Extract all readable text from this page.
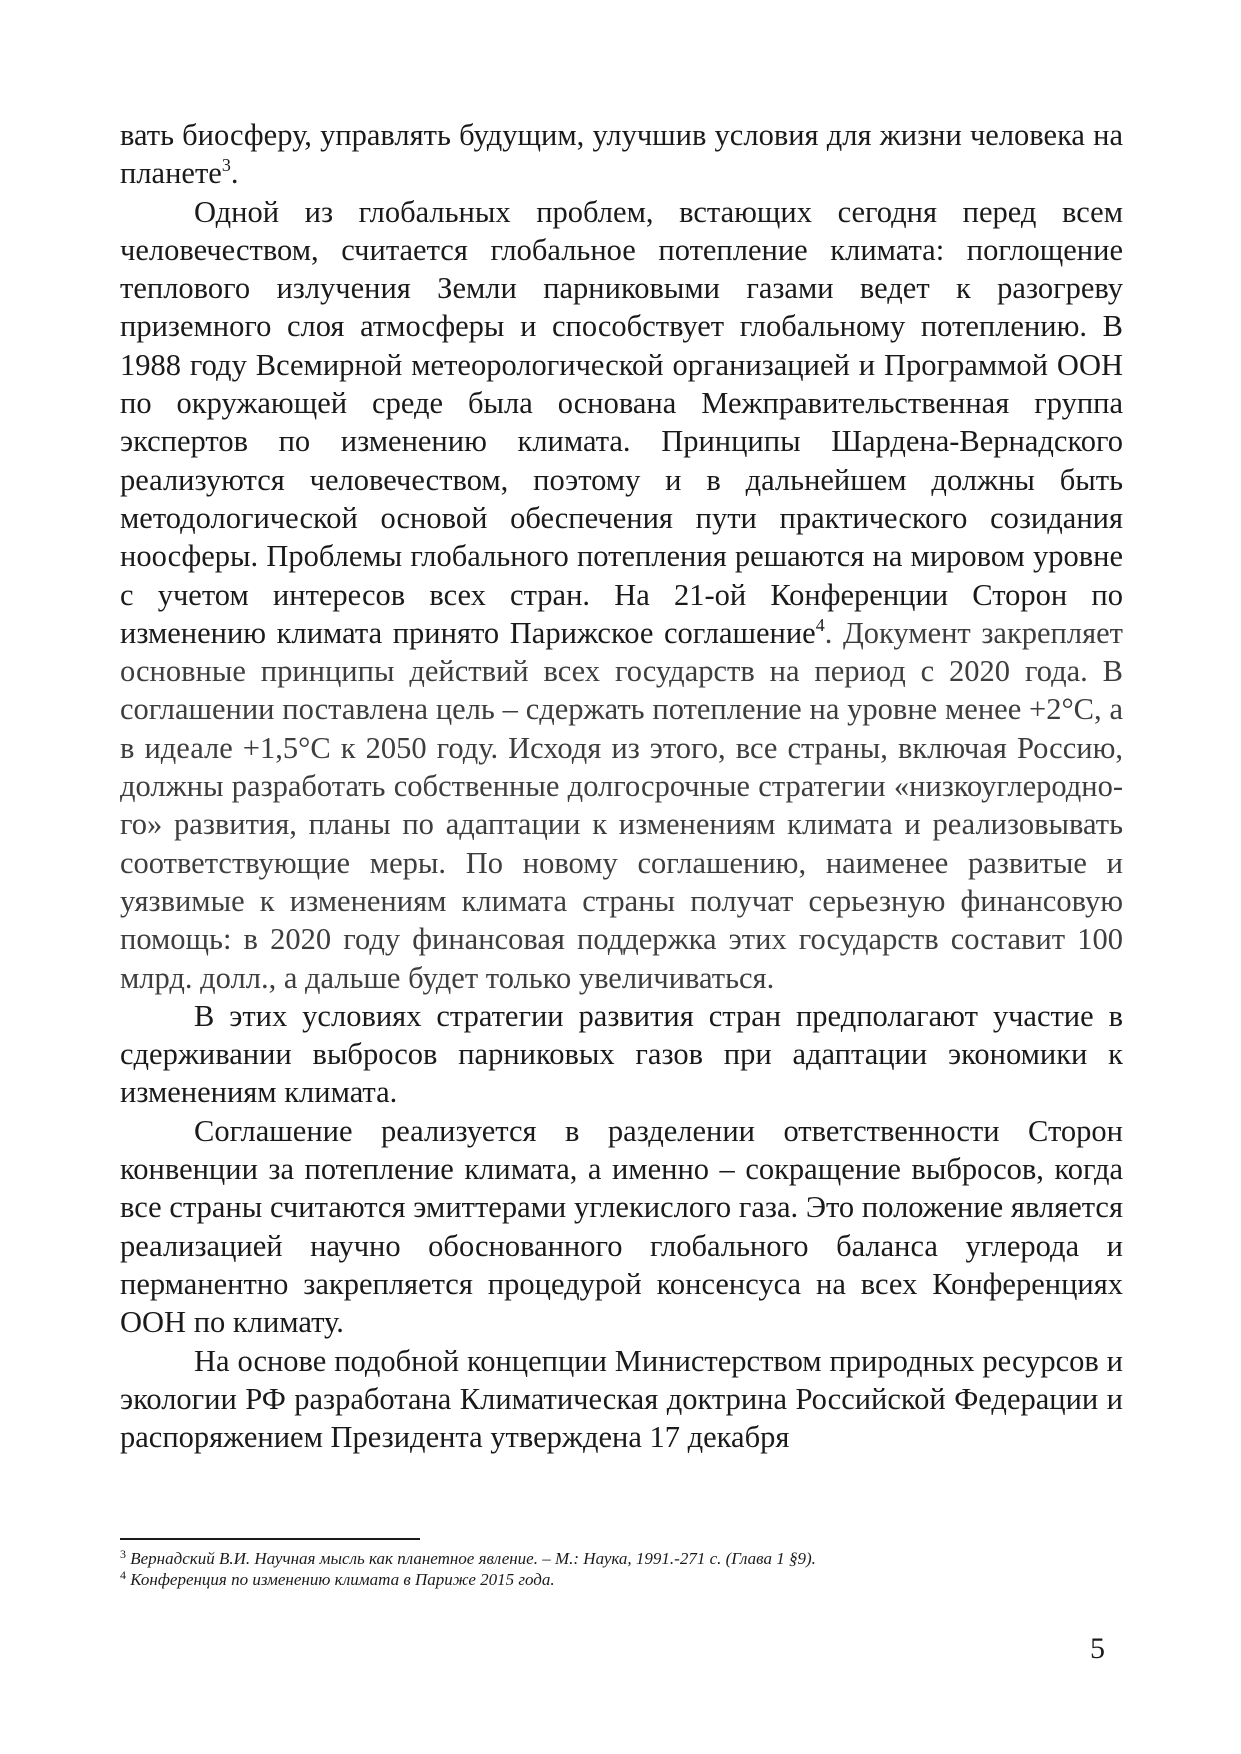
вать биосферу, управлять будущим, улучшив условия для жизни человека на планете$^3$.

Одной из глобальных проблем, встающих сегодня перед всем человечеством, считается глобальное потепление климата: поглощение теплового излучения Земли парниковыми газами ведет к разогреву приземного слоя атмосферы и способствует глобальному потеплению. В 1988 году Всемирной метеорологической организацией и Программой ООН по окружающей среде была основана Межправительственная группа экспертов по изменению климата. Принципы Шардена-Вернадского реализуются человечеством, поэтому и в дальнейшем должны быть методологической основой обеспечения пути практического созидания ноосферы. Проблемы глобального потепления решаются на мировом уровне с учетом интересов всех стран. На 21-ой Конференции Сторон по изменению климата принято Парижское соглашение$^4$. Документ закрепляет основные принципы действий всех государств на период с 2020 года. В соглашении поставлена цель – сдержать потепление на уровне менее +2°С, а в идеале +1,5°С к 2050 году. Исходя из этого, все страны, включая Россию, должны разработать собственные долгосрочные стратегии «низкоуглеродного» развития, планы по адаптации к изменениям климата и реализовывать соответствующие меры. По новому соглашению, наименее развитые и уязвимые к изменениям климата страны получат серьезную финансовую помощь: в 2020 году финансовая поддержка этих государств составит 100 млрд. долл., а дальше будет только увеличиваться.

В этих условиях стратегии развития стран предполагают участие в сдерживании выбросов парниковых газов при адаптации экономики к изменениям климата.

Соглашение реализуется в разделении ответственности Сторон конвенции за потепление климата, а именно – сокращение выбросов, когда все страны считаются эмиттерами углекислого газа. Это положение является реализацией научно обоснованного глобального баланса углерода и перманентно закрепляется процедурой консенсуса на всех Конференциях ООН по климату.

На основе подобной концепции Министерством природных ресурсов и экологии РФ разработана Климатическая доктрина Российской Федерации и распоряжением Президента утверждена 17 декабря

$^3$ Вернадский В.И. Научная мысль как планетное явление. – М.: Наука, 1991.-271 с. (Глава 1 §9).

$^4$ Конференция по изменению климата в Париже 2015 года.

5
